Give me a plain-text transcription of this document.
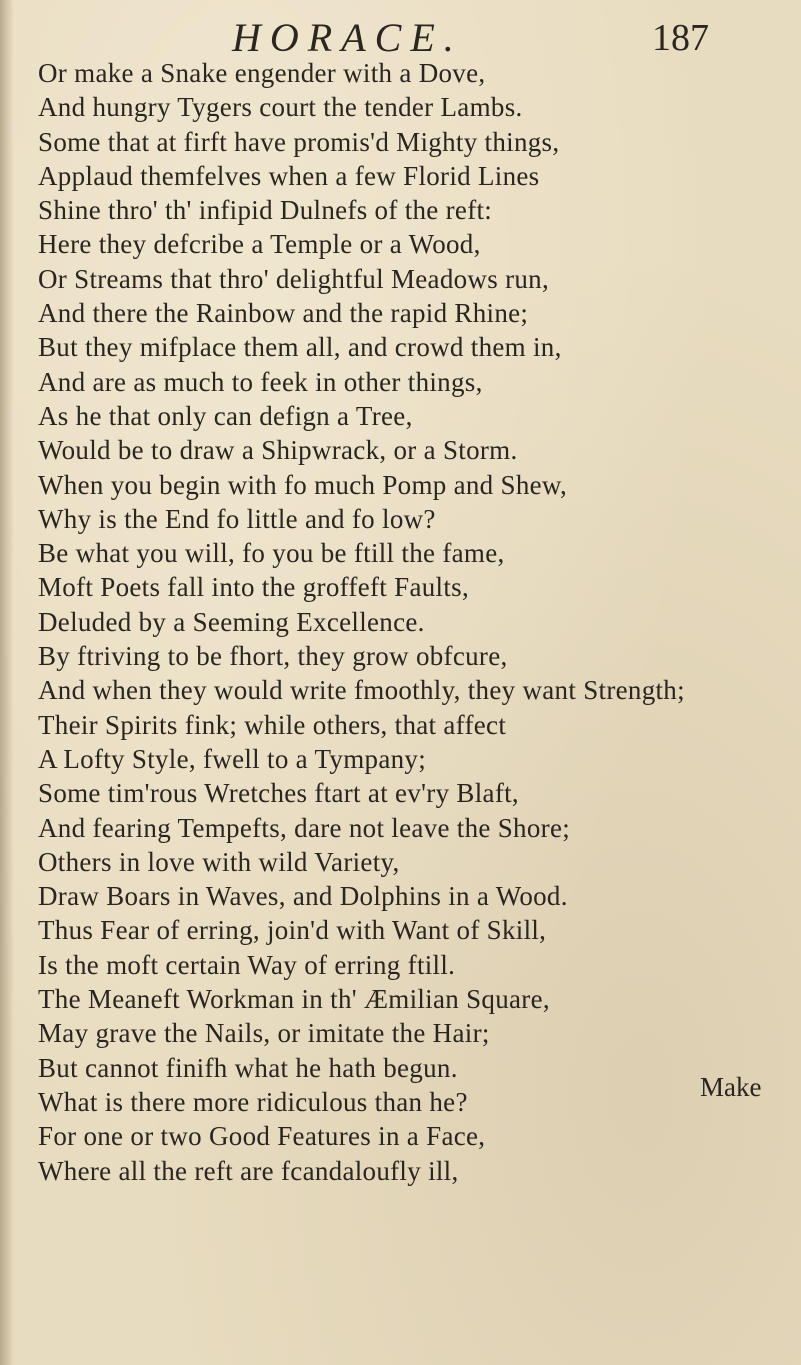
HORACE.	187
Or make a Snake engender with a Dove,
And hungry Tygers court the tender Lambs.
Some that at firft have promis'd Mighty things,
Applaud themfelves when a few Florid Lines
Shine thro' th' infipid Dulnefs of the reft:
Here they defcribe a Temple or a Wood,
Or Streams that thro' delightful Meadows run,
And there the Rainbow and the rapid Rhine;
But they mifplace them all, and crowd them in,
And are as much to feek in other things,
As he that only can defign a Tree,
Would be to draw a Shipwrack, or a Storm.
When you begin with fo much Pomp and Shew,
Why is the End fo little and fo low?
Be what you will, fo you be ftill the fame,
Moft Poets fall into the groffeft Faults,
Deluded by a Seeming Excellence.
By ftriving to be fhort, they grow obfcure,
And when they would write fmoothly, they want Strength;
Their Spirits fink; while others, that affect
A Lofty Style, fwell to a Tympany;
Some tim'rous Wretches ftart at ev'ry Blaft,
And fearing Tempefts, dare not leave the Shore;
Others in love with wild Variety,
Draw Boars in Waves, and Dolphins in a Wood.
Thus Fear of erring, join'd with Want of Skill,
Is the moft certain Way of erring ftill.
The Meaneft Workman in th' Æmilian Square,
May grave the Nails, or imitate the Hair;
But cannot finifh what he hath begun.
What is there more ridiculous than he?
For one or two Good Features in a Face,
Where all the reft are fcandaloufly ill,
Make
